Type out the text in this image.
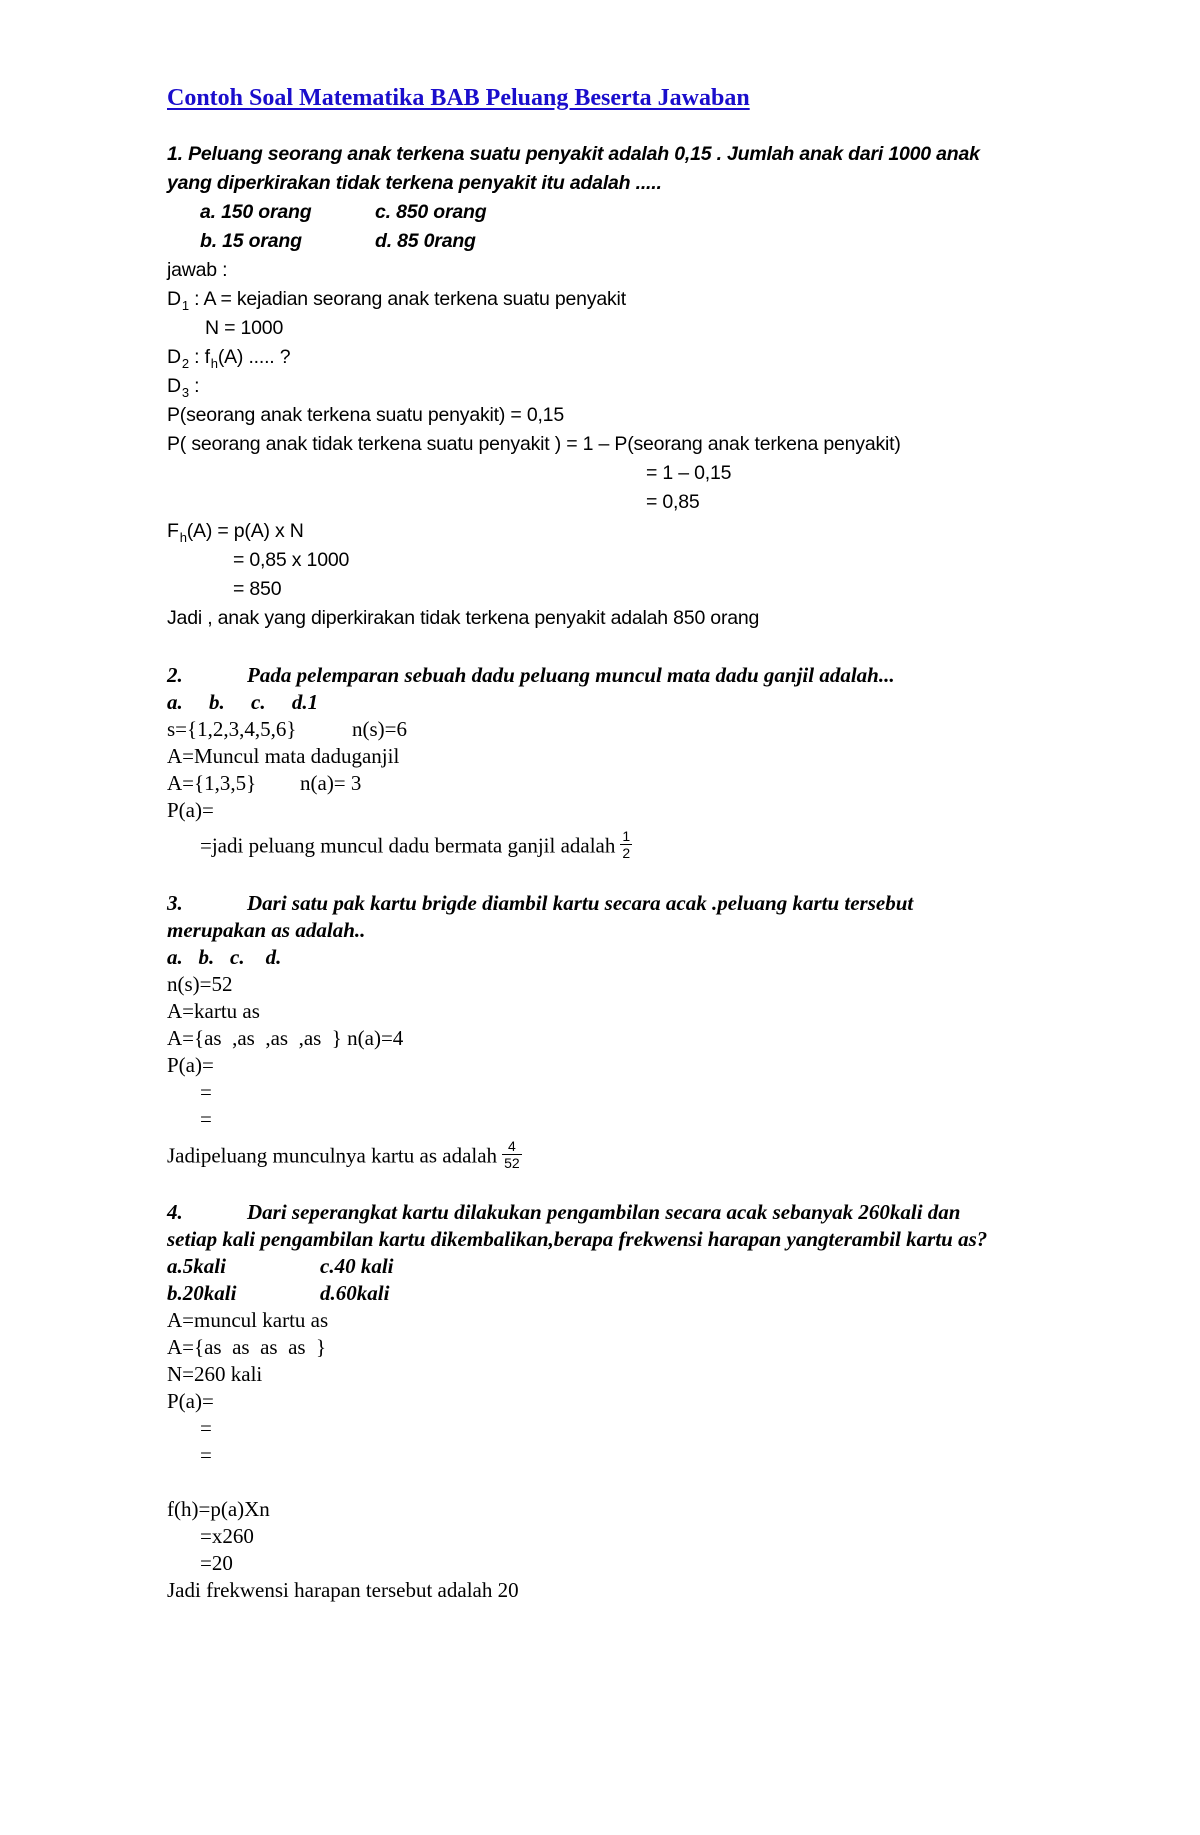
Contoh Soal Matematika BAB Peluang Beserta Jawaban
1. Peluang seorang anak terkena suatu penyakit adalah 0,15 . Jumlah anak dari 1000 anak
yang diperkirakan tidak terkena penyakit itu adalah .....
a. 150 orang	c. 850 orang
b. 15 orang	d. 85 0rang
jawab :
$D_1$ : A = kejadian seorang anak terkena suatu penyakit
N = 1000
$D_2$ : $f_h(A)$ ..... ?
$D_3$ :
P(seorang anak terkena suatu penyakit) = 0,15
P( seorang anak tidak terkena suatu penyakit ) = 1 – P(seorang anak terkena penyakit)
= 1 – 0,15
= 0,85
$F_h(A) = p(A)$ x N
= 0,85 x 1000
= 850
Jadi , anak yang diperkirakan tidak terkena penyakit adalah 850 orang
2.	Pada pelemparan sebuah dadu peluang muncul mata dadu ganjil adalah...
a.     b.     c.     d.1
s={1,2,3,4,5,6}	n(s)=6
A=Muncul mata daduganjil
A={1,3,5} n(a)= 3
P(a)=
=jadi peluang muncul dadu bermata ganjil adalah $\frac{1}{2}$
3.	Dari satu pak kartu brigde diambil kartu secara acak .peluang kartu tersebut
merupakan as adalah..
a.   b.   c.    d.
n(s)=52
A=kartu as
A={as  ,as  ,as  ,as  } n(a)=4
P(a)=
=
=
Jadipeluang munculnya kartu as adalah $\frac{4}{52}$
4.	Dari seperangkat kartu dilakukan pengambilan secara acak sebanyak 260kali dan
setiap kali pengambilan kartu dikembalikan,berapa frekwensi harapan yangterambil kartu as?
a.5kali	c.40 kali
b.20kali	d.60kali
A=muncul kartu as
A={as  as  as  as  }
N=260 kali
P(a)=
=
=
f(h)=p(a)Xn
=x260
=20
Jadi frekwensi harapan tersebut adalah 20
